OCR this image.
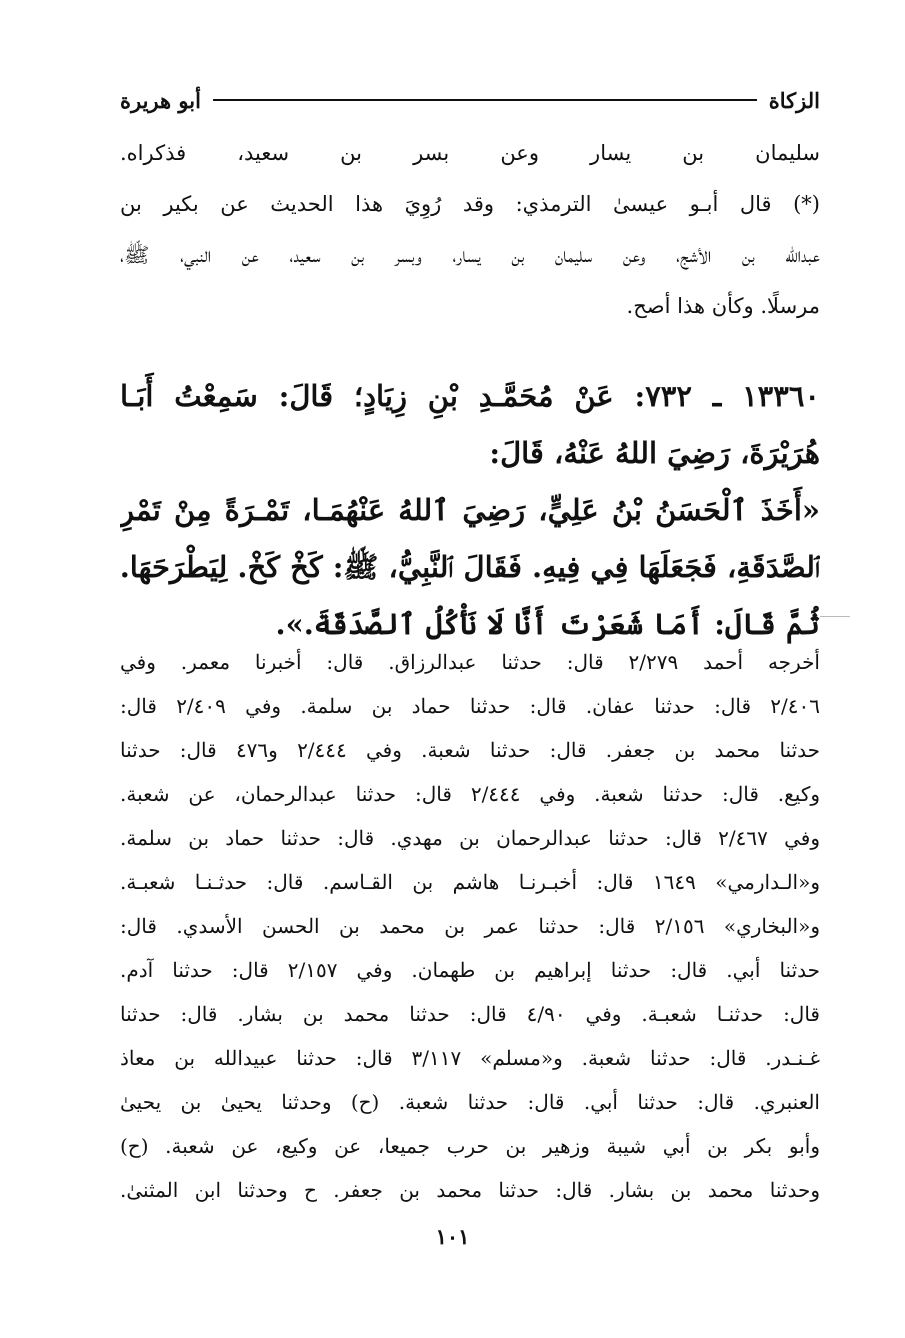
الزكاة
أبو هريرة
سليمان بن يسار وعن بسر بن سعيد، فذكراه.
(*) قال أبـو عيسىٰ الترمذي: وقد رُوِيَ هذا الحديث عن بكير بن
عبدالله بن الأشج، وعن سليمان بن يسار، وبسر بن سعيد، عن النبي، ﷺ،
مرسلًا. وكأن هذا أصح.
١٣٣٦٠ ـ ٧٣٢: عَنْ مُحَمَّـدِ بْنِ زِيَادٍ؛ قَالَ: سَمِعْتُ أَبَـا
هُرَيْرَةَ، رَضِيَ اللهُ عَنْهُ، قَالَ:
«أَخَذَ ٱلْحَسَنُ بْنُ عَلِيٍّ، رَضِيَ ٱللهُ عَنْهُمَـا، تَمْـرَةً مِنْ تَمْرِ
ٱلصَّدَقَةِ، فَجَعَلَهَا فِي فِيهِ. فَقَالَ ٱلنَّبِيُّ، ﷺ: كَخْ كَخْ. لِيَطْرَحَهَا.
ثُمَّ قَالَ: أَمَا شَعَرْتَ أَنَّا لَا نَأْكُلُ ٱلصَّدَقَةَ.».
أخرجه أحمد ٢/٢٧٩ قال: حدثنا عبدالرزاق. قال: أخبرنا معمر. وفي
٢/٤٠٦ قال: حدثنا عفان. قال: حدثنا حماد بن سلمة. وفي ٢/٤٠٩ قال:
حدثنا محمد بن جعفر. قال: حدثنا شعبة. وفي ٢/٤٤٤ و٤٧٦ قال: حدثنا
وكيع. قال: حدثنا شعبة. وفي ٢/٤٤٤ قال: حدثنا عبدالرحمان، عن شعبة.
وفي ٢/٤٦٧ قال: حدثنا عبدالرحمان بن مهدي. قال: حدثنا حماد بن سلمة.
و«الـدارمي» ١٦٤٩ قال: أخبـرنـا هاشم بن القـاسم. قال: حدثـنـا شعبـة.
و«البخاري» ٢/١٥٦ قال: حدثنا عمر بن محمد بن الحسن الأسدي. قال:
حدثنا أبي. قال: حدثنا إبراهيم بن طهمان. وفي ٢/١٥٧ قال: حدثنا آدم.
قال: حدثنـا شعبـة. وفي ٤/٩٠ قال: حدثنا محمد بن بشار. قال: حدثنا
غـنـدر. قال: حدثنا شعبة. و«مسلم» ٣/١١٧ قال: حدثنا عبيدالله بن معاذ
العنبري. قال: حدثنا أبي. قال: حدثنا شعبة. (ح) وحدثنا يحيىٰ بن يحيىٰ
وأبو بكر بن أبي شيبة وزهير بن حرب جميعا، عن وكيع، عن شعبة. (ح)
وحدثنا محمد بن بشار. قال: حدثنا محمد بن جعفر. ح وحدثنا ابن المثنىٰ.
١٠١
